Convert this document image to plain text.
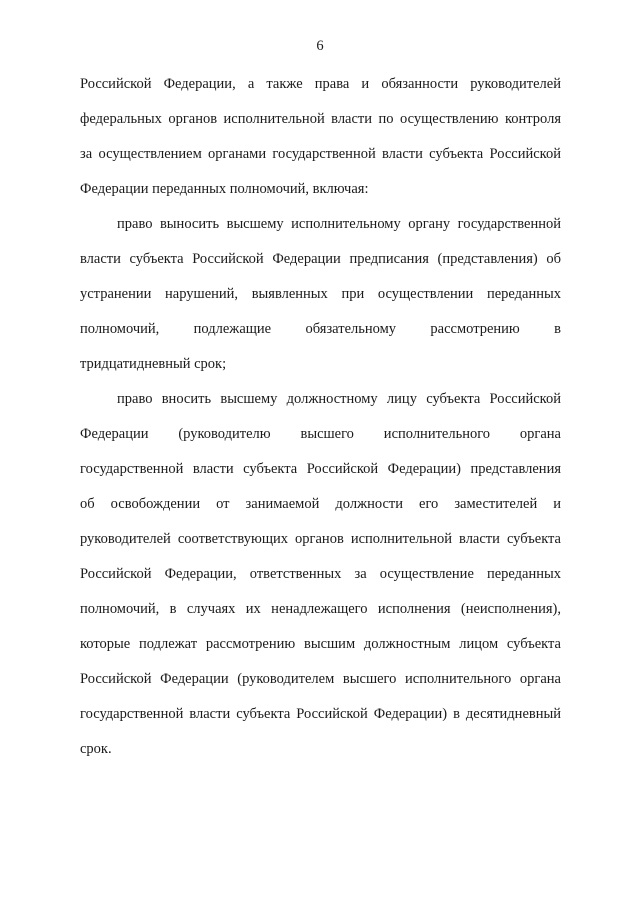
6
Российской Федерации, а также права и обязанности руководителей
федеральных органов исполнительной власти по осуществлению контроля
за осуществлением органами государственной власти субъекта Российской
Федерации переданных полномочий, включая:
право выносить высшему исполнительному органу государственной
власти субъекта Российской Федерации предписания (представления) об
устранении нарушений, выявленных при осуществлении переданных
полномочий, подлежащие обязательному рассмотрению в
тридцатидневный срок;
право вносить высшему должностному лицу субъекта Российской
Федерации (руководителю высшего исполнительного органа
государственной власти субъекта Российской Федерации) представления
об освобождении от занимаемой должности его заместителей и
руководителей соответствующих органов исполнительной власти субъекта
Российской Федерации, ответственных за осуществление переданных
полномочий, в случаях их ненадлежащего исполнения (неисполнения),
которые подлежат рассмотрению высшим должностным лицом субъекта
Российской Федерации (руководителем высшего исполнительного органа
государственной власти субъекта Российской Федерации) в десятидневный
срок.
